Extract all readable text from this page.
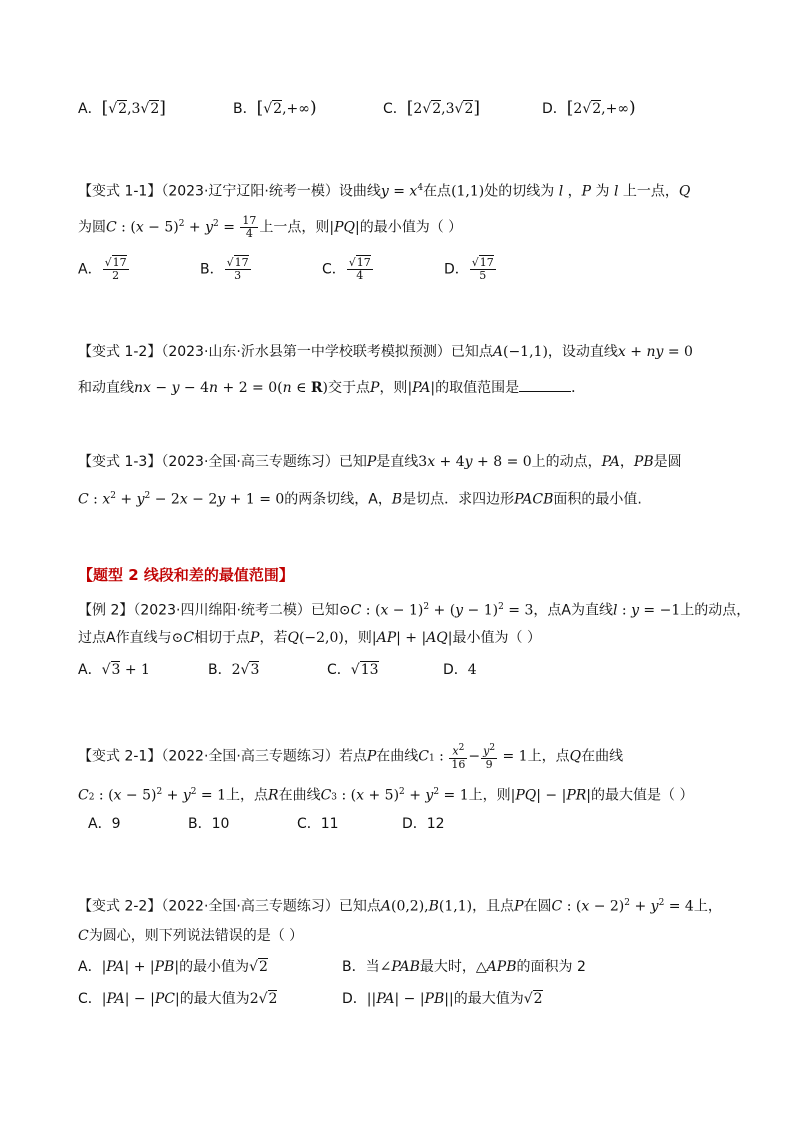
A．[√2,3√2]	B．[√2,+∞)	C．[2√2,3√2]	D．[2√2,+∞)
【变式 1-1】（2023·辽宁辽阳·统考一模）设曲线$y = x^4$在点(1,1)处的切线为 l ，P 为 l 上一点，Q
为圆C : $(x - 5)^2 + y^2 = \frac{17}{4}$ 上一点，则|PQ|的最小值为（ ）
A． $\frac{√17}{2}$	B． $\frac{√17}{3}$	C． $\frac{√17}{4}$	D． $\frac{√17}{5}$
【变式 1-2】（2023·山东·沂水县第一中学校联考模拟预测）已知点A(−1,1)，设动直线x + ny = 0
和动直线nx − y − 4n + 2 = 0(n ∈ R)交于点P，则|PA|的取值范围是	．
【变式 1-3】（2023·全国·高三专题练习）已知P是直线3x + 4y + 8 = 0上的动点，PA，PB是圆
C : $x^2 + y^2 - 2x - 2y + 1 = 0$的两条切线，A，B是切点．求四边形PACB面积的最小值.
【题型 2 线段和差的最值范围】
【例 2】（2023·四川绵阳·统考二模）已知⊙C : $(x - 1)^2 + (y - 1)^2 = 3$，点A为直线l : y = −1上的动点，
过点A作直线与⊙C相切于点P，若Q(−2,0)，则|AP| + |AQ|最小值为（ ）
A．√3 + 1	B．2√3	C．√13	D．4
【变式 2-1】（2022·全国·高三专题练习）若点P在曲线C1 : $\frac{x^2}{16} - \frac{y^2}{9} = 1$上，点Q在曲线
C2 : $(x - 5)^2 + y^2 = 1$上，点R在曲线C3 : $(x + 5)^2 + y^2 = 1$上，则|PQ| − |PR|的最大值是（ ）
A．9	B．10	C．11	D．12
【变式 2-2】（2022·全国·高三专题练习）已知点A(0,2),B(1,1)，且点P在圆C : $(x - 2)^2 + y^2 = 4$上，
C为圆心，则下列说法错误的是（ ）
A．|PA| + |PB|的最小值为√2	B．当∠PAB最大时，△APB的面积为 2
C．|PA| − |PC|的最大值为2√2	D．||PA| − |PB||的最大值为√2
